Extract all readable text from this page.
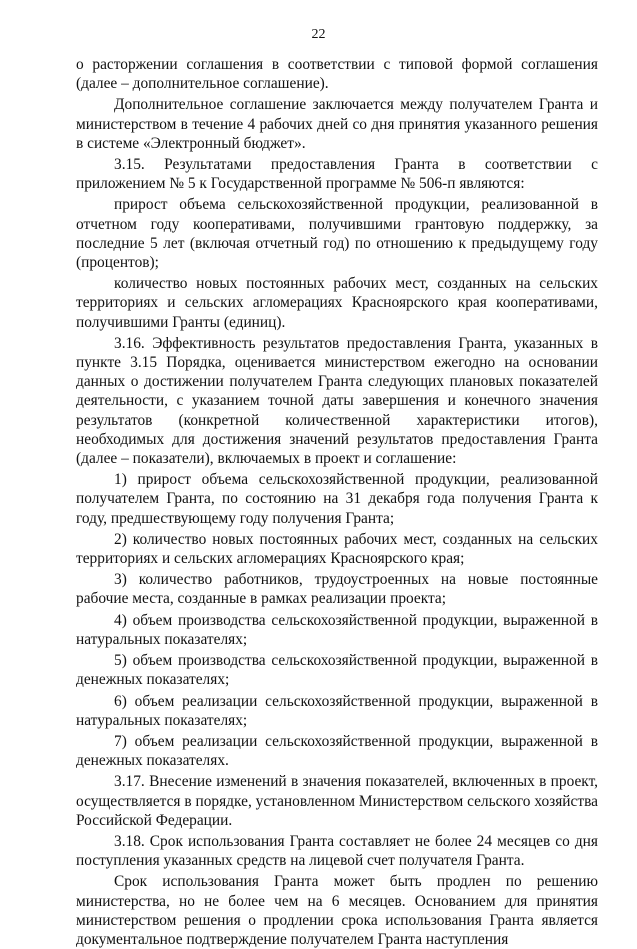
22

о расторжении соглашения в соответствии с типовой формой соглашения (далее – дополнительное соглашение).

Дополнительное соглашение заключается между получателем Гранта и министерством в течение 4 рабочих дней со дня принятия указанного решения в системе «Электронный бюджет».

3.15. Результатами предоставления Гранта в соответствии с приложением № 5 к Государственной программе № 506-п являются:

прирост объема сельскохозяйственной продукции, реализованной в отчетном году кооперативами, получившими грантовую поддержку, за последние 5 лет (включая отчетный год) по отношению к предыдущему году (процентов);

количество новых постоянных рабочих мест, созданных на сельских территориях и сельских агломерациях Красноярского края кооперативами, получившими Гранты (единиц).

3.16. Эффективность результатов предоставления Гранта, указанных в пункте 3.15 Порядка, оценивается министерством ежегодно на основании данных о достижении получателем Гранта следующих плановых показателей деятельности, с указанием точной даты завершения и конечного значения результатов (конкретной количественной характеристики итогов), необходимых для достижения значений результатов предоставления Гранта (далее – показатели), включаемых в проект и соглашение:

1) прирост объема сельскохозяйственной продукции, реализованной получателем Гранта, по состоянию на 31 декабря года получения Гранта к году, предшествующему году получения Гранта;

2) количество новых постоянных рабочих мест, созданных на сельских территориях и сельских агломерациях Красноярского края;

3) количество работников, трудоустроенных на новые постоянные рабочие места, созданные в рамках реализации проекта;

4) объем производства сельскохозяйственной продукции, выраженной в натуральных показателях;

5) объем производства сельскохозяйственной продукции, выраженной в денежных показателях;

6) объем реализации сельскохозяйственной продукции, выраженной в натуральных показателях;

7) объем реализации сельскохозяйственной продукции, выраженной в денежных показателях.

3.17. Внесение изменений в значения показателей, включенных в проект, осуществляется в порядке, установленном Министерством сельского хозяйства Российской Федерации.

3.18. Срок использования Гранта составляет не более 24 месяцев со дня поступления указанных средств на лицевой счет получателя Гранта.

Срок использования Гранта может быть продлен по решению министерства, но не более чем на 6 месяцев. Основанием для принятия министерством решения о продлении срока использования Гранта является документальное подтверждение получателем Гранта наступления
